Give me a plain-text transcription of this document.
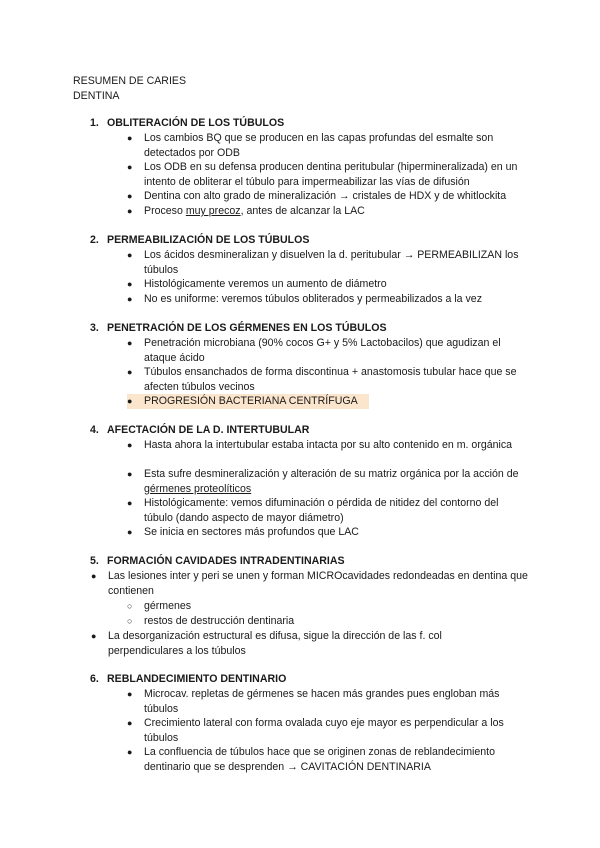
RESUMEN DE CARIES
DENTINA
1. OBLITERACIÓN DE LOS TÚBULOS
● Los cambios BQ que se producen en las capas profundas del esmalte son detectados por ODB
● Los ODB en su defensa producen dentina peritubular (hipermineralizada) en un intento de obliterar el túbulo para impermeabilizar las vías de difusión
● Dentina con alto grado de mineralización → cristales de HDX y de whitlockita
● Proceso muy precoz, antes de alcanzar la LAC
2. PERMEABILIZACIÓN DE LOS TÚBULOS
● Los ácidos desmineralizan y disuelven la d. peritubular → PERMEABILIZAN los túbulos
● Histológicamente veremos un aumento de diámetro
● No es uniforme: veremos túbulos obliterados y permeabilizados a la vez
3. PENETRACIÓN DE LOS GÉRMENES EN LOS TÚBULOS
● Penetración microbiana (90% cocos G+ y 5% Lactobacilos) que agudizan el ataque ácido
● Túbulos ensanchados de forma discontinua + anastomosis tubular hace que se afecten túbulos vecinos
● PROGRESIÓN BACTERIANA CENTRÍFUGA
4. AFECTACIÓN DE LA D. INTERTUBULAR
● Hasta ahora la intertubular estaba intacta por su alto contenido en m. orgánica
● Esta sufre desmineralización y alteración de su matriz orgánica por la acción de gérmenes proteolíticos
● Histológicamente: vemos difuminación o pérdida de nitidez del contorno del túbulo (dando aspecto de mayor diámetro)
● Se inicia en sectores más profundos que LAC
5. FORMACIÓN CAVIDADES INTRADENTINARIAS
● Las lesiones inter y peri se unen y forman MICROcavidades redondeadas en dentina que contienen
○ gérmenes
○ restos de destrucción dentinaria
● La desorganización estructural es difusa, sigue la dirección de las f. col perpendiculares a los túbulos
6. REBLANDECIMIENTO DENTINARIO
● Microcav. repletas de gérmenes se hacen más grandes pues engloban más túbulos
● Crecimiento lateral con forma ovalada cuyo eje mayor es perpendicular a los túbulos
● La confluencia de túbulos hace que se originen zonas de reblandecimiento dentinario que se desprenden → CAVITACIÓN DENTINARIA
